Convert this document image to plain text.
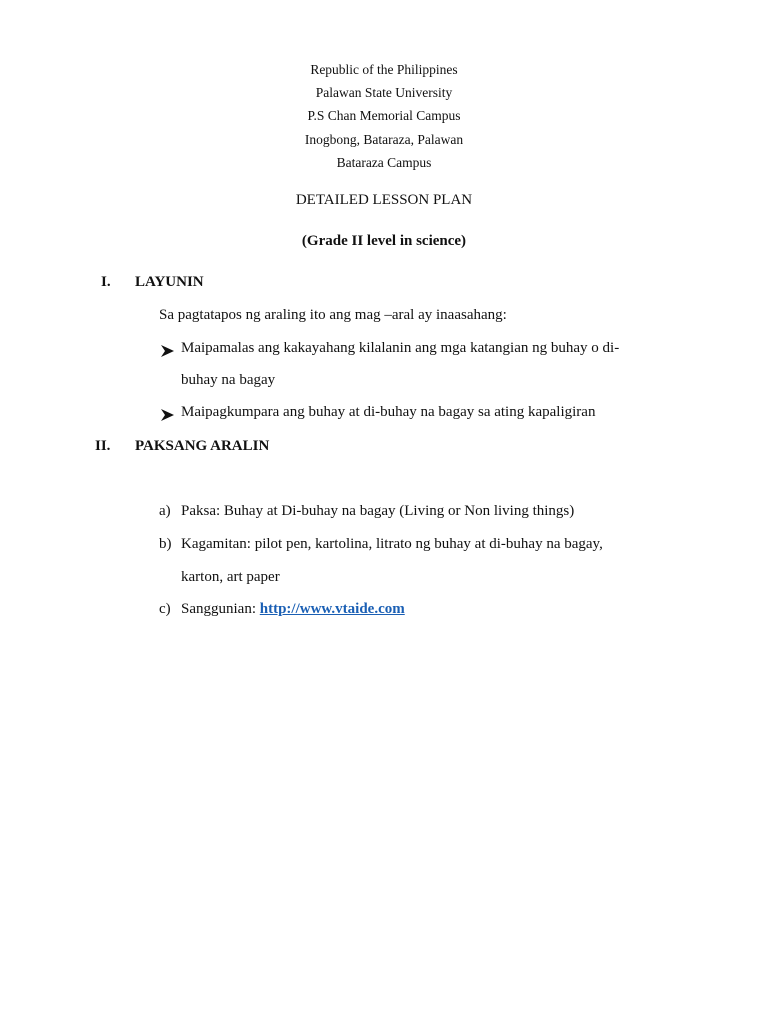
Republic of the Philippines
Palawan State University
P.S Chan Memorial Campus
Inogbong, Bataraza, Palawan
Bataraza Campus
DETAILED LESSON PLAN
(Grade II level in science)
I. LAYUNIN
Sa pagtatapos ng araling ito ang mag –aral ay inaasahang:
Maipamalas ang kakayahang kilalanin ang mga katangian ng buhay o di-
buhay na bagay
Maipagkumpara ang buhay at di-buhay na bagay sa ating kapaligiran
II. PAKSANG ARALIN
a) Paksa: Buhay at Di-buhay na bagay (Living or Non living things)
b) Kagamitan: pilot pen, kartolina, litrato ng buhay at di-buhay na bagay,
karton, art paper
c) Sanggunian: http://www.vtaide.com
